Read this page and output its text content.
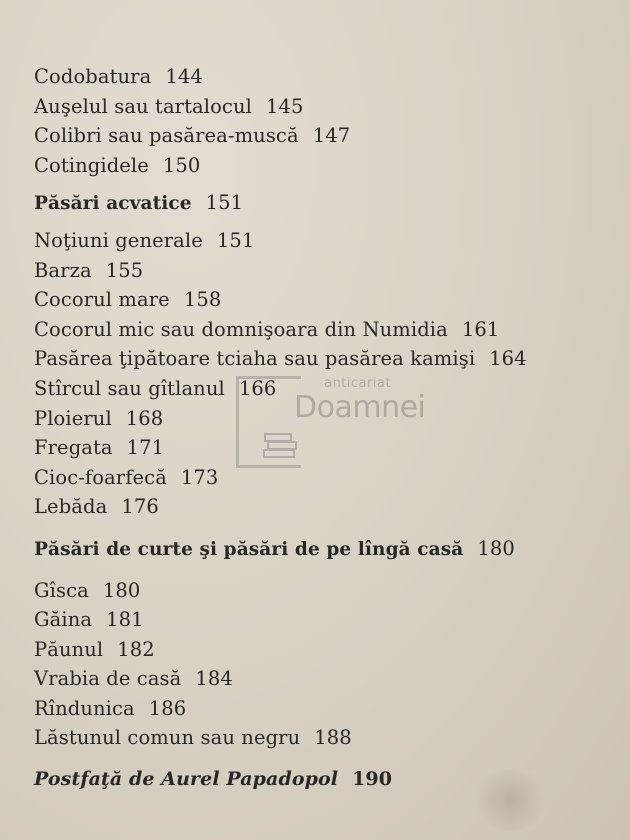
Codobatura 144
Auşelul sau tartalocul 145
Colibri sau pasărea-muscă 147
Cotingidele 150
Păsări acvatice 151
Noţiuni generale 151
Barza 155
Cocorul mare 158
Cocorul mic sau domnişoara din Numidia 161
Pasărea ţipătoare tciaha sau pasărea kamişi 164
Stîrcul sau gîtlanul 166
Ploierul 168
Fregata 171
Cioc-foarfecă 173
Lebăda 176
Păsări de curte şi păsări de pe lîngă casă 180
Gîsca 180
Găina 181
Păunul 182
Vrabia de casă 184
Rîndunica 186
Lăstunul comun sau negru 188
Postfaţă de Aurel Papadopol 190
anticariat
Doamnei
